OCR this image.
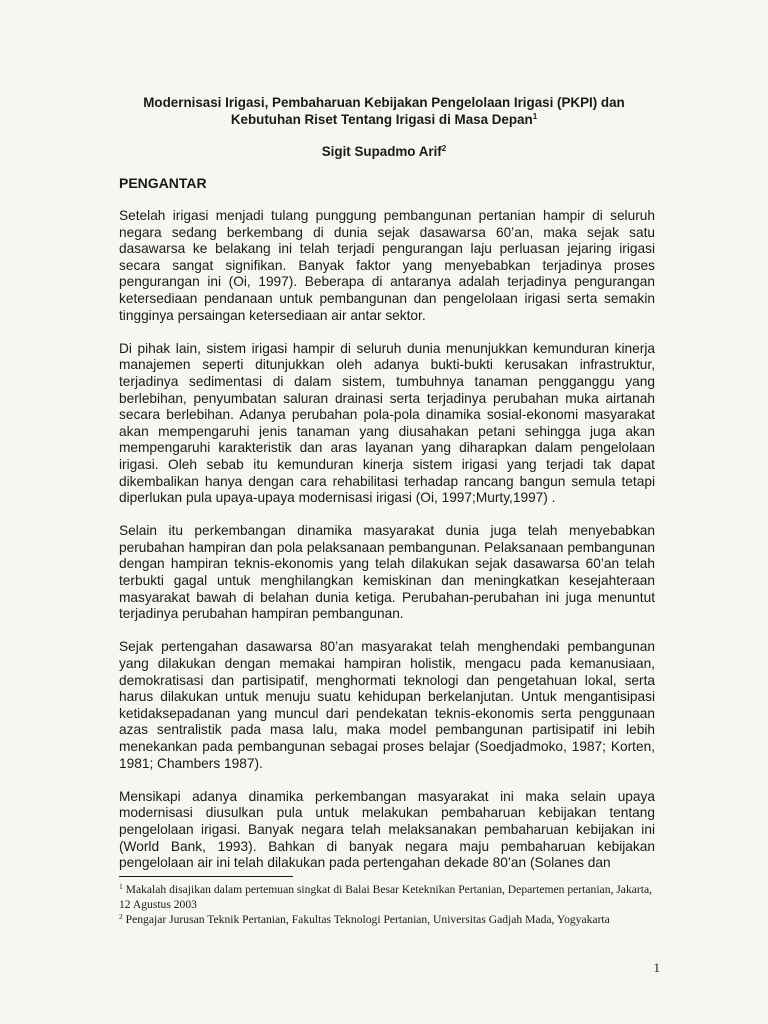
Modernisasi Irigasi, Pembaharuan Kebijakan Pengelolaan Irigasi (PKPI) dan
Kebutuhan Riset Tentang Irigasi di Masa Depan$^1$
Sigit Supadmo Arif$^2$
PENGANTAR

Setelah irigasi menjadi tulang punggung pembangunan pertanian hampir di seluruh negara sedang berkembang di dunia sejak dasawarsa 60’an, maka sejak satu dasawarsa ke belakang ini telah terjadi pengurangan laju perluasan jejaring irigasi secara sangat signifikan. Banyak faktor yang menyebabkan terjadinya proses pengurangan ini (Oi, 1997). Beberapa di antaranya adalah terjadinya pengurangan ketersediaan pendanaan untuk pembangunan dan pengelolaan irigasi serta semakin tingginya persaingan ketersediaan air antar sektor.

Di pihak lain, sistem irigasi hampir di seluruh dunia menunjukkan kemunduran kinerja manajemen seperti ditunjukkan oleh adanya bukti-bukti kerusakan infrastruktur, terjadinya sedimentasi di dalam sistem, tumbuhnya tanaman pengganggu yang berlebihan, penyumbatan saluran drainasi serta terjadinya perubahan muka airtanah secara berlebihan. Adanya perubahan pola-pola dinamika sosial-ekonomi masyarakat akan mempengaruhi jenis tanaman yang diusahakan petani sehingga juga akan mempengaruhi karakteristik dan aras layanan yang diharapkan dalam pengelolaan irigasi. Oleh sebab itu kemunduran kinerja sistem irigasi yang terjadi tak dapat dikembalikan hanya dengan cara rehabilitasi terhadap rancang bangun semula tetapi diperlukan pula upaya-upaya modernisasi irigasi (Oi, 1997;Murty,1997) .

Selain itu perkembangan dinamika masyarakat dunia juga telah menyebabkan perubahan hampiran dan pola pelaksanaan pembangunan. Pelaksanaan pembangunan dengan hampiran teknis-ekonomis yang telah dilakukan sejak dasawarsa 60’an telah terbukti gagal untuk menghilangkan kemiskinan dan meningkatkan kesejahteraan masyarakat bawah di belahan dunia ketiga. Perubahan-perubahan ini juga menuntut terjadinya perubahan hampiran pembangunan.

Sejak pertengahan dasawarsa 80’an masyarakat telah menghendaki pembangunan yang dilakukan dengan memakai hampiran holistik, mengacu pada kemanusiaan, demokratisasi dan partisipatif, menghormati teknologi dan pengetahuan lokal, serta harus dilakukan untuk menuju suatu kehidupan berkelanjutan. Untuk mengantisipasi ketidaksepadanan yang muncul dari pendekatan teknis-ekonomis serta penggunaan azas sentralistik pada masa lalu, maka model pembangunan partisipatif ini lebih menekankan pada pembangunan sebagai proses belajar (Soedjadmoko, 1987; Korten, 1981; Chambers 1987).

Mensikapi adanya dinamika perkembangan masyarakat ini maka selain upaya modernisasi diusulkan pula untuk melakukan pembaharuan kebijakan tentang pengelolaan irigasi. Banyak negara telah melaksanakan pembaharuan kebijakan ini (World Bank, 1993). Bahkan di banyak negara maju pembaharuan kebijakan pengelolaan air ini telah dilakukan pada pertengahan dekade 80’an (Solanes dan

$^1$ Makalah disajikan dalam pertemuan singkat di Balai Besar Keteknikan Pertanian, Departemen pertanian, Jakarta, 12 Agustus 2003
$^2$ Pengajar Jurusan Teknik Pertanian, Fakultas Teknologi Pertanian, Universitas Gadjah Mada, Yogyakarta
1
